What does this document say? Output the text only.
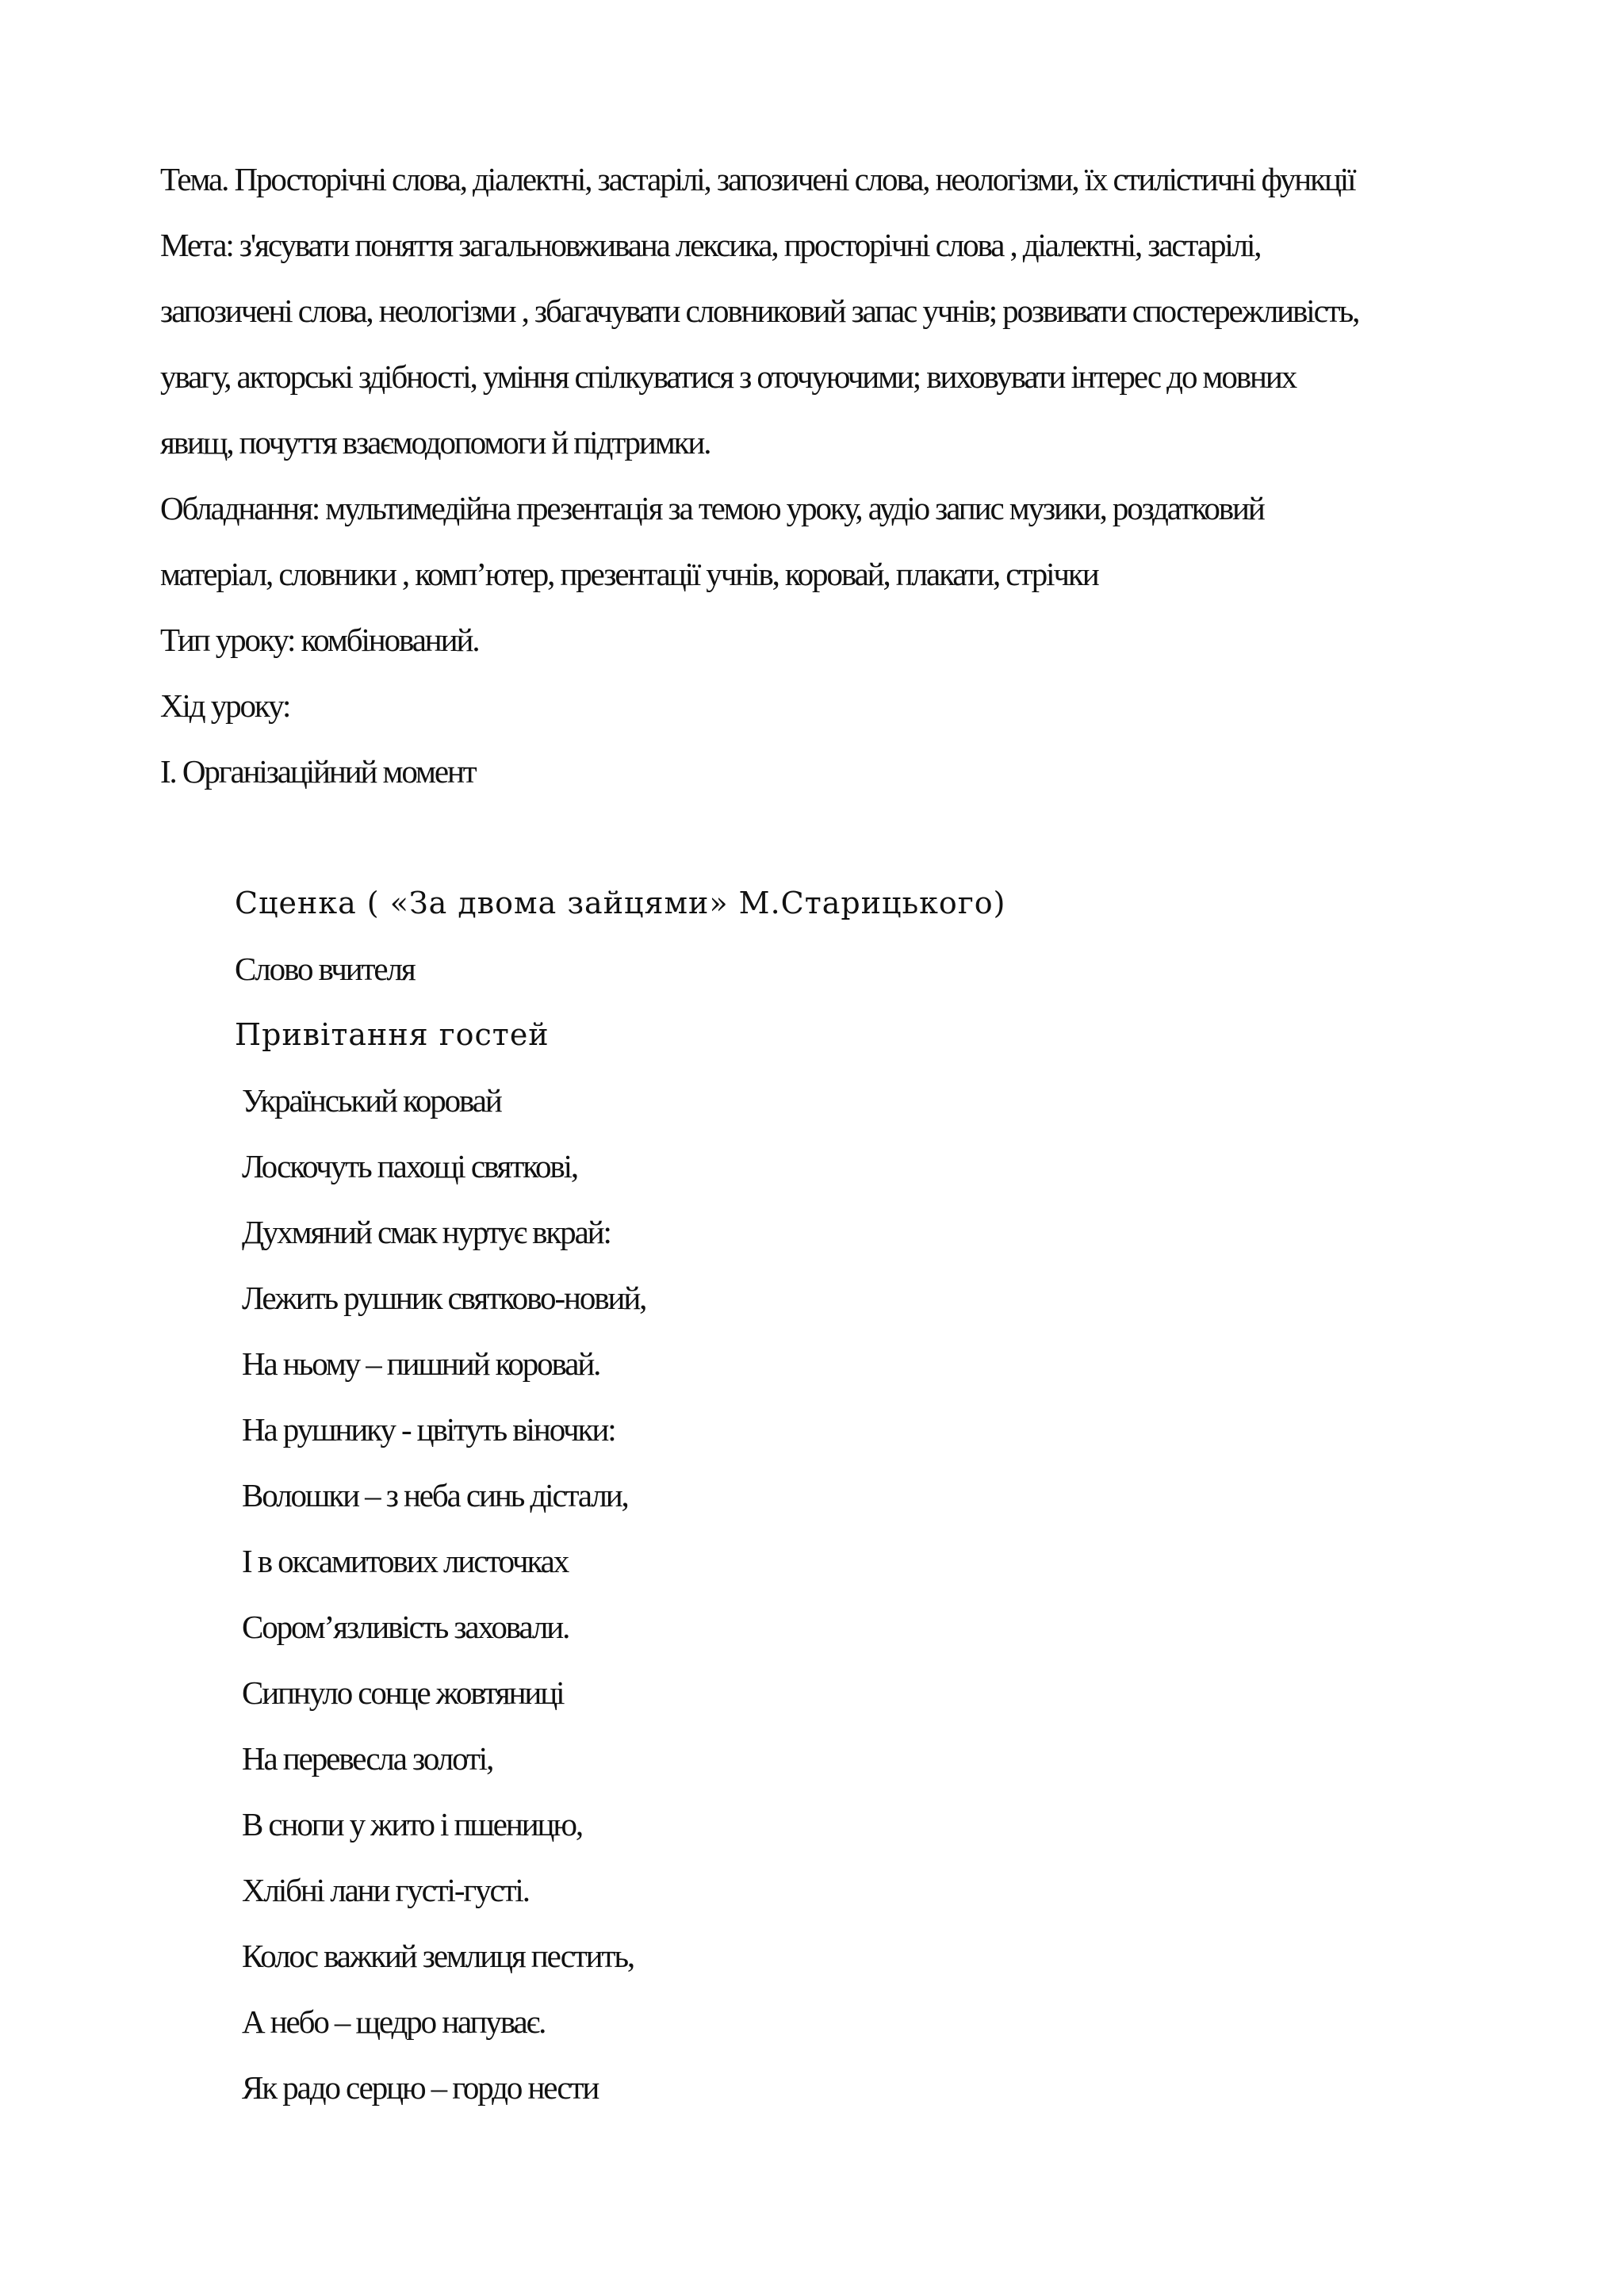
Тема. Просторічні слова, діалектні, застарілі, запозичені слова, неологізми, їх стилістичні функції
Мета: з'ясувати поняття загальновживана лексика, просторічні слова , діалектні, застарілі,
запозичені слова, неологізми , збагачувати словниковий запас учнів; розвивати спостережливість,
увагу, акторські здібності, уміння спілкуватися з оточуючими; виховувати інтерес до мовних
явищ, почуття взаємодопомоги й підтримки.
Обладнання: мультимедійна презентація за темою уроку, аудіо запис музики, роздатковий
матеріал, словники , комп’ютер, презентації учнів, коровай, плакати, стрічки
Тип уроку: комбінований.
Хід уроку:
І. Організаційний момент
Сценка ( «За двома зайцями» М.Старицького)
Слово вчителя
Привітання гостей
Український коровай
Лоскочуть пахощі святкові,
Духмяний смак нуртує вкрай:
Лежить рушник святково-новий,
На ньому – пишний коровай.
На рушнику - цвітуть віночки:
Волошки – з неба синь дістали,
І в оксамитових листочках
Сором’язливість заховали.
Сипнуло сонце жовтяниці
На перевесла золоті,
В снопи у жито і пшеницю,
Хлібні лани густі-густі.
Колос важкий землиця пестить,
А небо – щедро напуває.
Як радо серцю – гордо нести
